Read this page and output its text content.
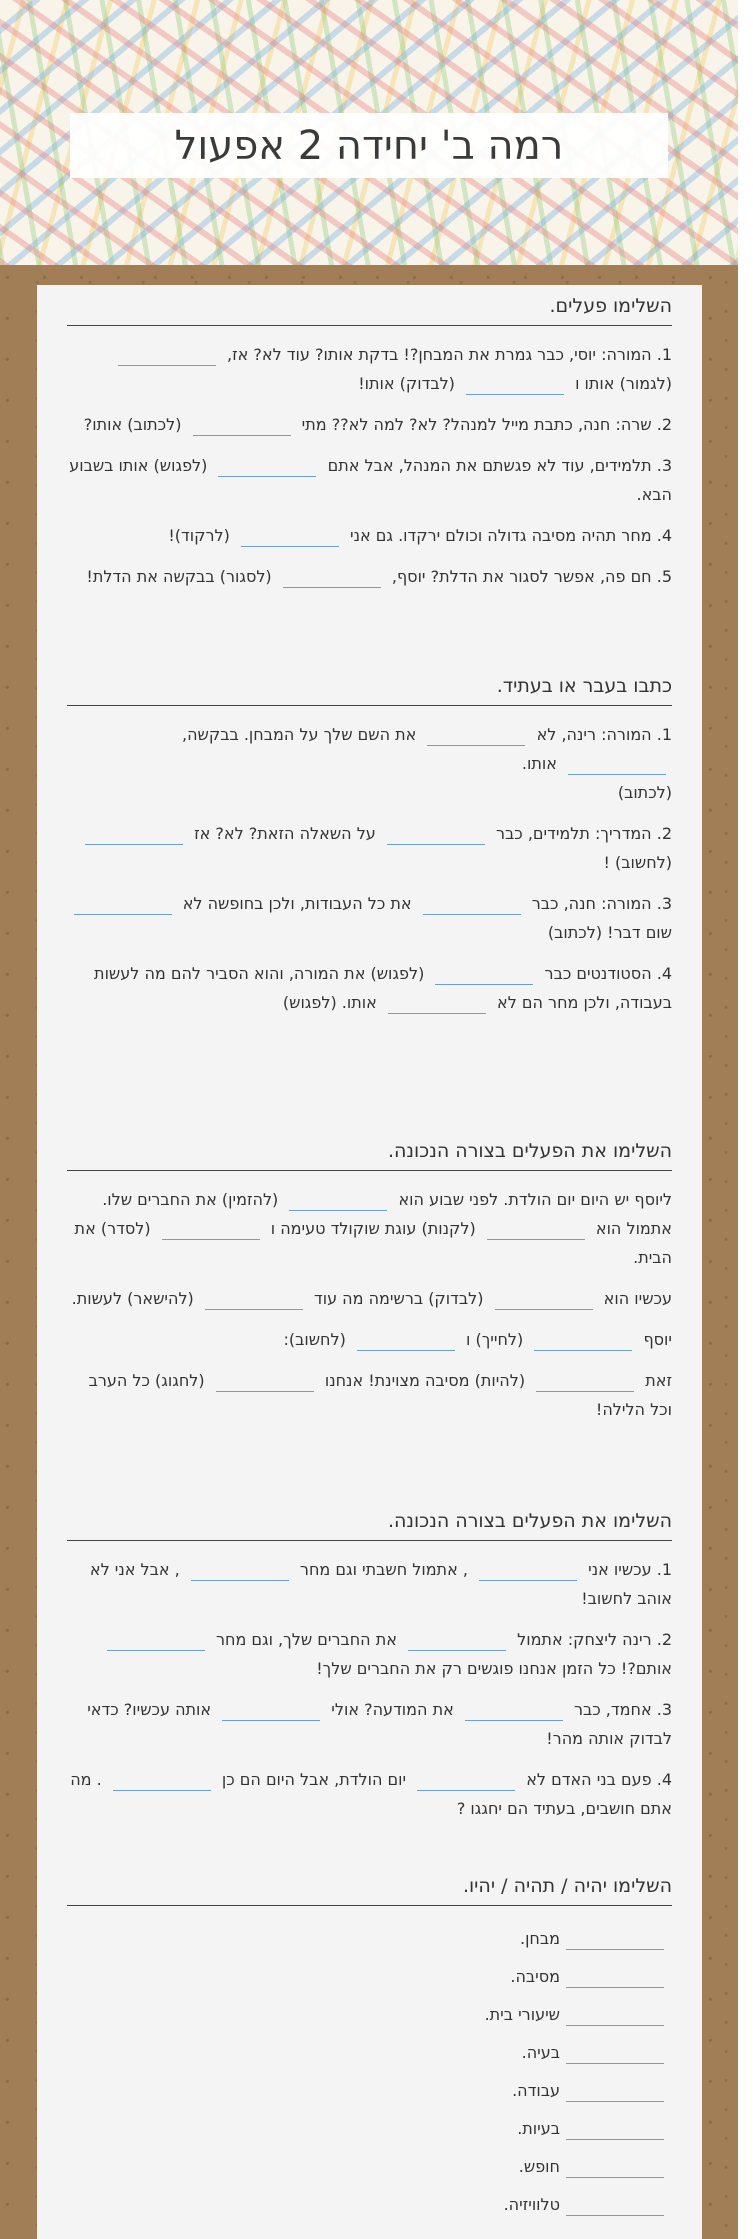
רמה ב' יחידה 2 אפעול
השלימו פעלים.

1. המורה: יוסי, כבר גמרת את המבחן?! בדקת אותו? עוד לא? אז,  (לגמור) אותו ו  (לבדוק) אותו!

2. שרה: חנה, כתבת מייל למנהל? לא? למה לא?? מתי  (לכתוב) אותו?

3. תלמידים, עוד לא פגשתם את המנהל, אבל אתם  (לפגוש) אותו בשבוע הבא.

4. מחר תהיה מסיבה גדולה וכולם ירקדו. גם אני  (לרקוד)!

5. חם פה, אפשר לסגור את הדלת? יוסף,  (לסגור) בבקשה את הדלת!

כתבו בעבר או בעתיד.

1. המורה: רינה, לא  את השם שלך על המבחן. בבקשה,  אותו.
(לכתוב)

2. המדריך: תלמידים, כבר  על השאלה הזאת? לא? אז  (לחשוב) !

3. המורה: חנה, כבר  את כל העבודות, ולכן בחופשה לא  שום דבר! (לכתוב)

4. הסטודנטים כבר  (לפגוש) את המורה, והוא הסביר להם מה לעשות בעבודה, ולכן מחר הם לא  אותו. (לפגוש)

השלימו את הפעלים בצורה הנכונה.

ליוסף יש היום יום הולדת. לפני שבוע הוא  (להזמין) את החברים שלו. אתמול הוא  (לקנות) עוגת שוקולד טעימה ו  (לסדר) את הבית.

עכשיו הוא  (לבדוק) ברשימה מה עוד  (להישאר) לעשות.

יוסף  (לחייך) ו  (לחשוב):

זאת  (להיות) מסיבה מצוינת! אנחנו  (לחגוג) כל הערב וכל הלילה!

השלימו את הפעלים בצורה הנכונה.

1. עכשיו אני  , אתמול חשבתי וגם מחר  , אבל אני לא אוהב לחשוב!

2. רינה ליצחק: אתמול  את החברים שלך, וגם מחר  אותם?! כל הזמן אנחנו פוגשים רק את החברים שלך!

3. אחמד, כבר  את המודעה? אולי  אותה עכשיו? כדאי לבדוק אותה מהר!

4. פעם בני האדם לא  יום הולדת, אבל היום הם כן  . מה אתם חושבים, בעתיד הם יחגגו ?

השלימו יהיה / תהיה / יהיו.
מבחן.
מסיבה.
שיעורי בית.
בעיה.
עבודה.
בעיות.
חופש.
טלוויזיה.
